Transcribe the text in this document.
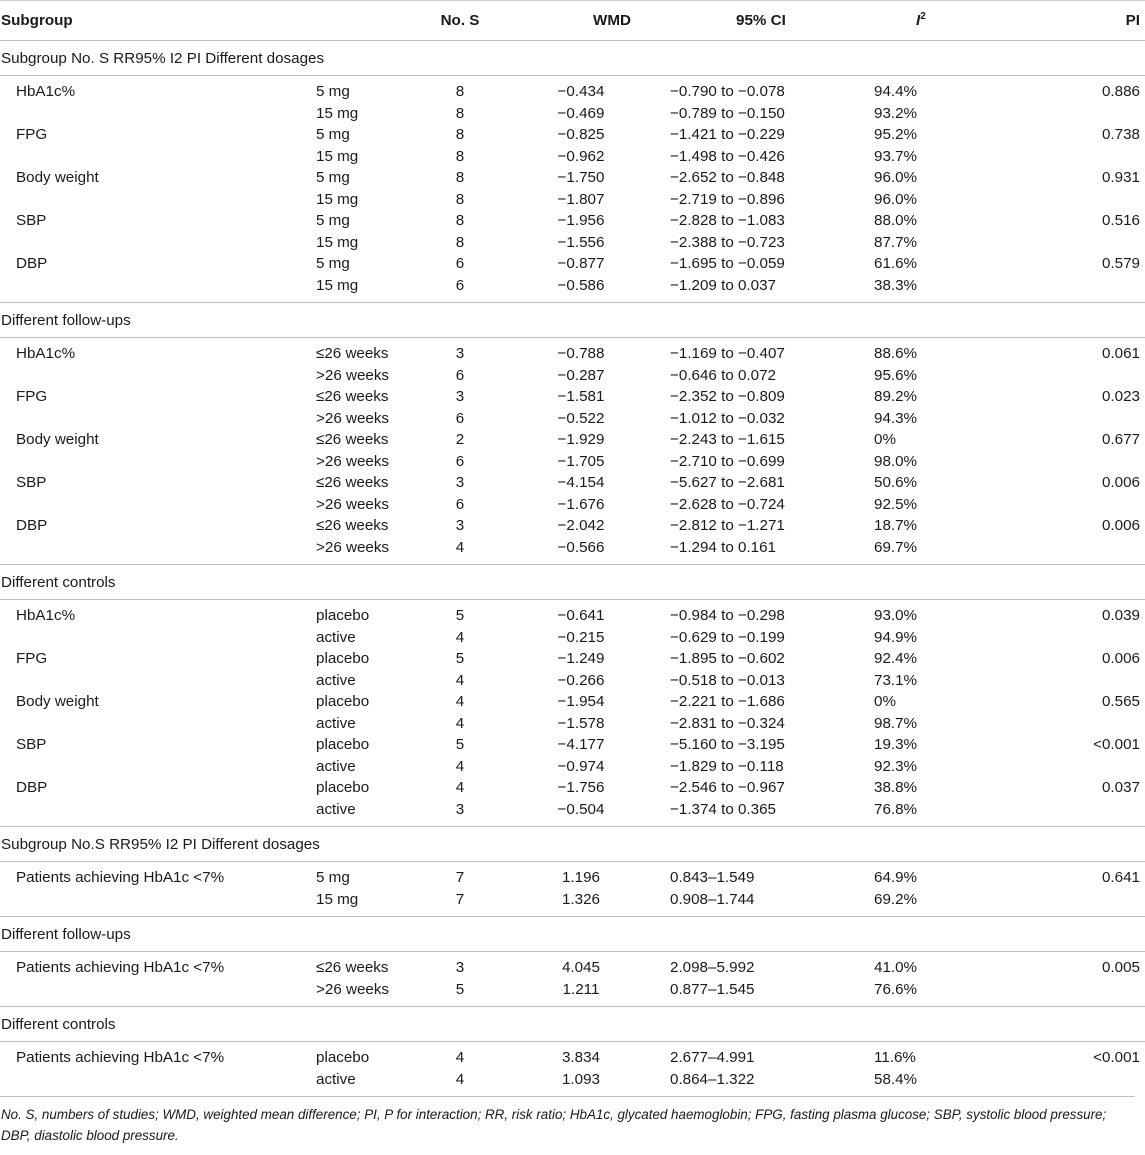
Subgroup		No. S	WMD	95% CI	$I^2$	PI
Subgroup No. S RR95% I2 PI Different dosages						
HbA1c%	5 mg	8	−0.434	−0.790 to −0.078	94.4%	0.886
	15 mg	8	−0.469	−0.789 to −0.150	93.2%	
FPG	5 mg	8	−0.825	−1.421 to −0.229	95.2%	0.738
	15 mg	8	−0.962	−1.498 to −0.426	93.7%	
Body weight	5 mg	8	−1.750	−2.652 to −0.848	96.0%	0.931
	15 mg	8	−1.807	−2.719 to −0.896	96.0%	
SBP	5 mg	8	−1.956	−2.828 to −1.083	88.0%	0.516
	15 mg	8	−1.556	−2.388 to −0.723	87.7%	
DBP	5 mg	6	−0.877	−1.695 to −0.059	61.6%	0.579
	15 mg	6	−0.586	−1.209 to 0.037	38.3%	
Different follow-ups						
HbA1c%	≤26 weeks	3	−0.788	−1.169 to −0.407	88.6%	0.061
	>26 weeks	6	−0.287	−0.646 to 0.072	95.6%	
FPG	≤26 weeks	3	−1.581	−2.352 to −0.809	89.2%	0.023
	>26 weeks	6	−0.522	−1.012 to −0.032	94.3%	
Body weight	≤26 weeks	2	−1.929	−2.243 to −1.615	0%	0.677
	>26 weeks	6	−1.705	−2.710 to −0.699	98.0%	
SBP	≤26 weeks	3	−4.154	−5.627 to −2.681	50.6%	0.006
	>26 weeks	6	−1.676	−2.628 to −0.724	92.5%	
DBP	≤26 weeks	3	−2.042	−2.812 to −1.271	18.7%	0.006
	>26 weeks	4	−0.566	−1.294 to 0.161	69.7%	
Different controls						
HbA1c%	placebo	5	−0.641	−0.984 to −0.298	93.0%	0.039
	active	4	−0.215	−0.629 to −0.199	94.9%	
FPG	placebo	5	−1.249	−1.895 to −0.602	92.4%	0.006
	active	4	−0.266	−0.518 to −0.013	73.1%	
Body weight	placebo	4	−1.954	−2.221 to −1.686	0%	0.565
	active	4	−1.578	−2.831 to −0.324	98.7%	
SBP	placebo	5	−4.177	−5.160 to −3.195	19.3%	<0.001
	active	4	−0.974	−1.829 to −0.118	92.3%	
DBP	placebo	4	−1.756	−2.546 to −0.967	38.8%	0.037
	active	3	−0.504	−1.374 to 0.365	76.8%	
Subgroup No.S RR95% I2 PI Different dosages						
Patients achieving HbA1c <7%	5 mg	7	1.196	0.843–1.549	64.9%	0.641
	15 mg	7	1.326	0.908–1.744	69.2%	
Different follow-ups						
Patients achieving HbA1c <7%	≤26 weeks	3	4.045	2.098–5.992	41.0%	0.005
	>26 weeks	5	1.211	0.877–1.545	76.6%	
Different controls						
Patients achieving HbA1c <7%	placebo	4	3.834	2.677–4.991	11.6%	<0.001
	active	4	1.093	0.864–1.322	58.4%	
No. S, numbers of studies; WMD, weighted mean difference; PI, P for interaction; RR, risk ratio; HbA1c, glycated haemoglobin; FPG, fasting plasma glucose; SBP, systolic blood pressure; DBP, diastolic blood pressure.
